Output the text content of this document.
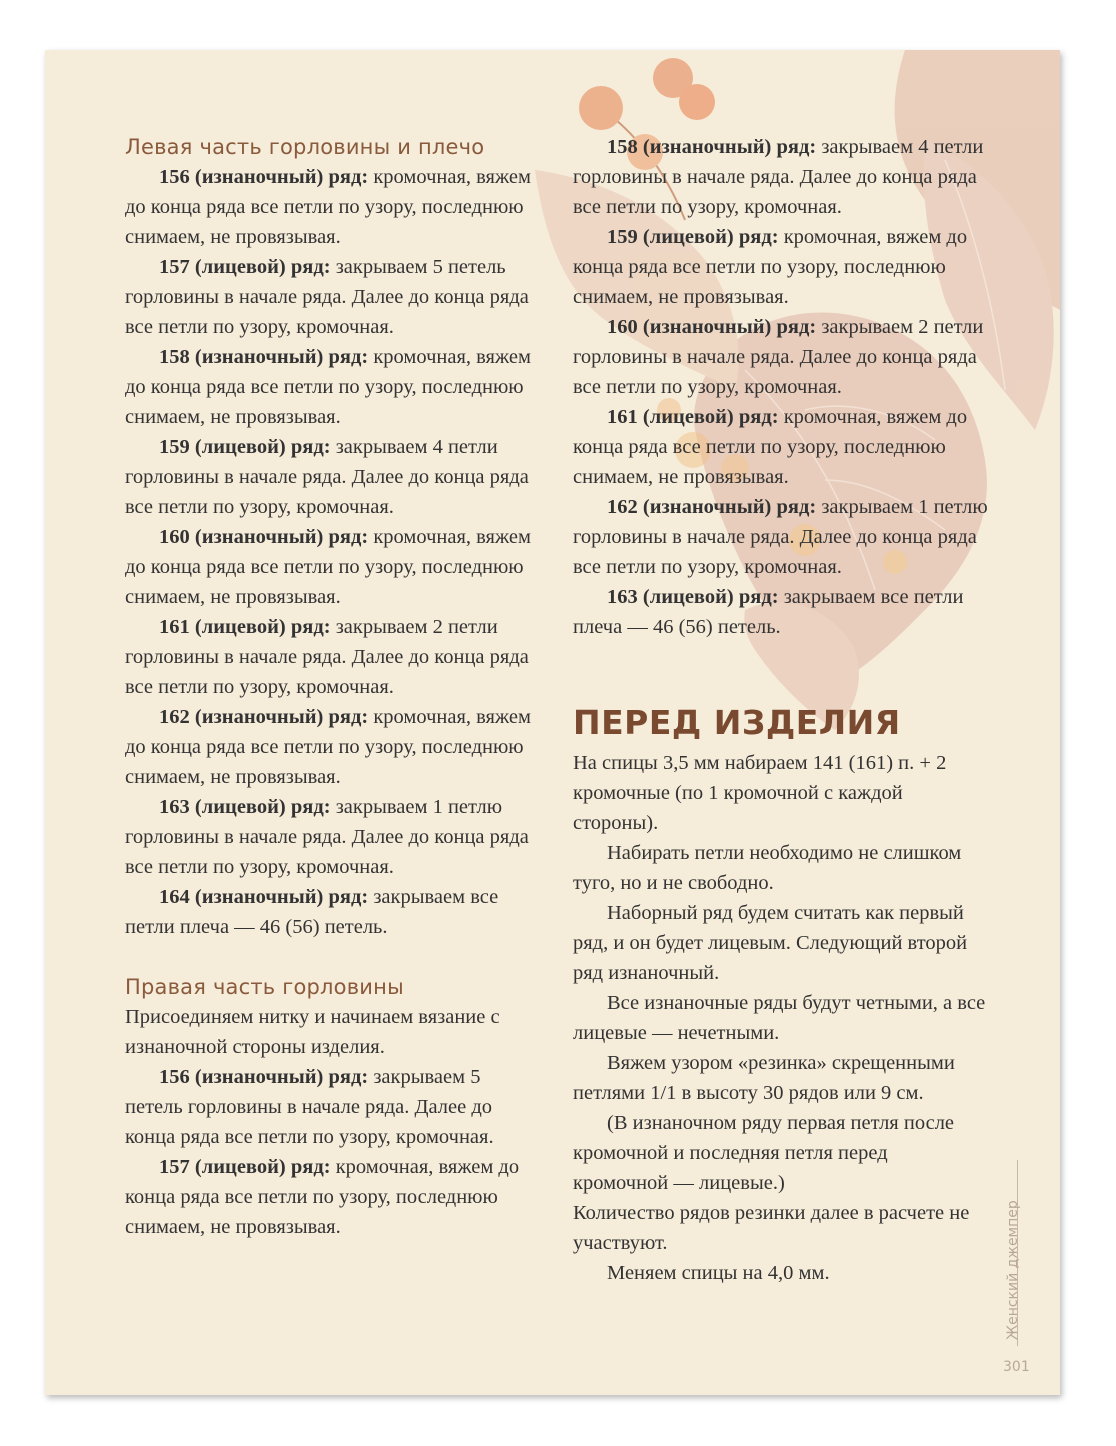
Левая часть горловины и плечо

156 (изнаночный) ряд: кромочная, вяжем до конца ряда все петли по узору, последнюю снимаем, не провязывая.

157 (лицевой) ряд: закрываем 5 петель горловины в начале ряда. Далее до конца ряда все петли по узору, кромочная.

158 (изнаночный) ряд: кромочная, вяжем до конца ряда все петли по узору, последнюю снимаем, не провязывая.

159 (лицевой) ряд: закрываем 4 петли горловины в начале ряда. Далее до конца ряда все петли по узору, кромочная.

160 (изнаночный) ряд: кромочная, вяжем до конца ряда все петли по узору, последнюю снимаем, не провязывая.

161 (лицевой) ряд: закрываем 2 петли горловины в начале ряда. Далее до конца ряда все петли по узору, кромочная.

162 (изнаночный) ряд: кромочная, вяжем до конца ряда все петли по узору, последнюю снимаем, не провязывая.

163 (лицевой) ряд: закрываем 1 петлю горловины в начале ряда. Далее до конца ряда все петли по узору, кромочная.

164 (изнаночный) ряд: закрываем все петли плеча — 46 (56) петель.

Правая часть горловины

Присоединяем нитку и начинаем вязание с изнаночной стороны изделия.

156 (изнаночный) ряд: закрываем 5 петель горловины в начале ряда. Далее до конца ряда все петли по узору, кромочная.

157 (лицевой) ряд: кромочная, вяжем до конца ряда все петли по узору, последнюю снимаем, не провязывая.

158 (изнаночный) ряд: закрываем 4 петли горловины в начале ряда. Далее до конца ряда все петли по узору, кромочная.

159 (лицевой) ряд: кромочная, вяжем до конца ряда все петли по узору, последнюю снимаем, не провязывая.

160 (изнаночный) ряд: закрываем 2 петли горловины в начале ряда. Далее до конца ряда все петли по узору, кромочная.

161 (лицевой) ряд: кромочная, вяжем до конца ряда все петли по узору, последнюю снимаем, не провязывая.

162 (изнаночный) ряд: закрываем 1 петлю горловины в начале ряда. Далее до конца ряда все петли по узору, кромочная.

163 (лицевой) ряд: закрываем все петли плеча — 46 (56) петель.

ПЕРЕД ИЗДЕЛИЯ

На спицы 3,5 мм набираем 141 (161) п. + 2 кромочные (по 1 кромочной с каждой стороны).

Набирать петли необходимо не слишком туго, но и не свободно.

Наборный ряд будем считать как первый ряд, и он будет лицевым. Следующий второй ряд изнаночный.

Все изнаночные ряды будут четными, а все лицевые — нечетными.

Вяжем узором «резинка» скрещенными петлями 1/1 в высоту 30 рядов или 9 см.

(В изнаночном ряду первая петля после кромочной и последняя петля перед кромочной — лицевые.)

Количество рядов резинки далее в расчете не участвуют.

Меняем спицы на 4,0 мм.	Женский джемпер
301
